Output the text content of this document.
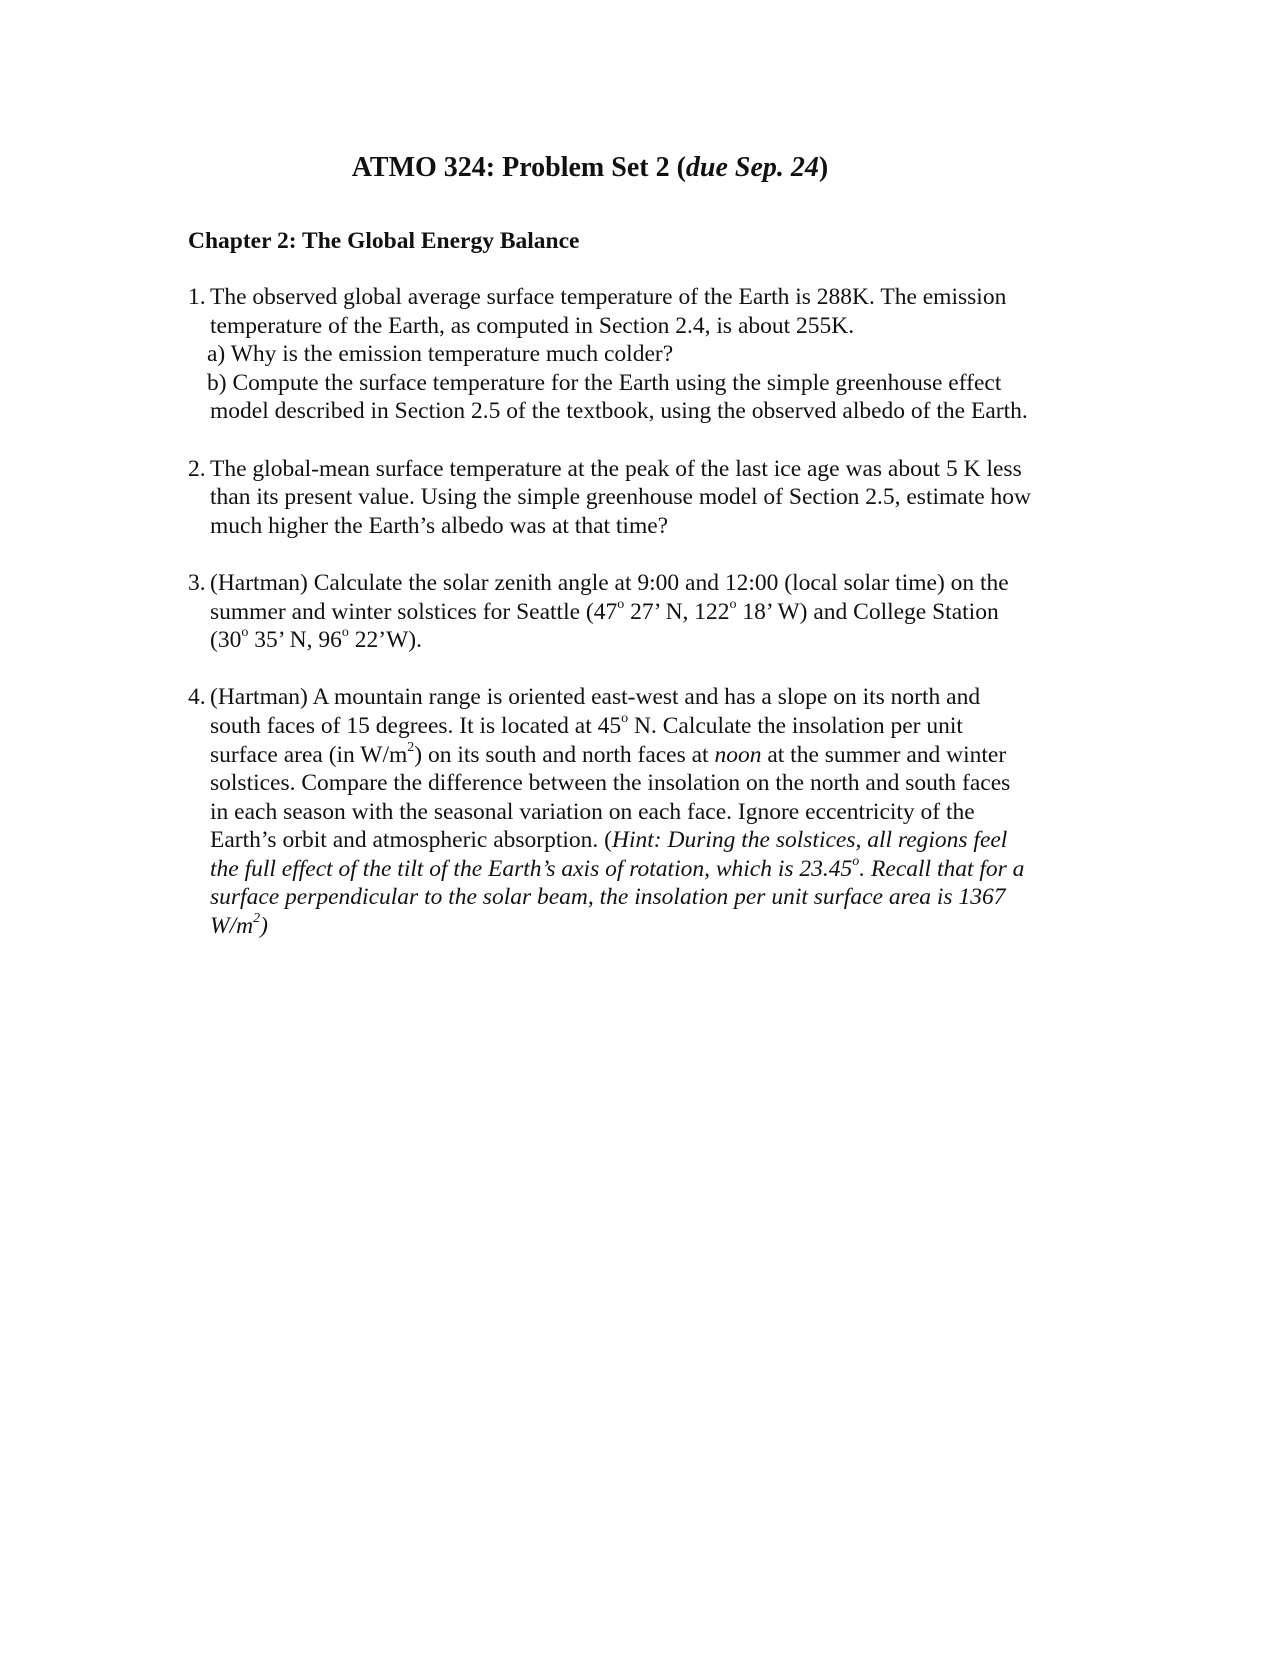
ATMO 324: Problem Set 2 (due Sep. 24)
Chapter 2: The Global Energy Balance
1. The observed global average surface temperature of the Earth is 288K. The emission
temperature of the Earth, as computed in Section 2.4, is about 255K.
a) Why is the emission temperature much colder?
b) Compute the surface temperature for the Earth using the simple greenhouse effect
model described in Section 2.5 of the textbook, using the observed albedo of the Earth.
2. The global-mean surface temperature at the peak of the last ice age was about 5 K less
than its present value. Using the simple greenhouse model of Section 2.5, estimate how
much higher the Earth’s albedo was at that time?
3. (Hartman) Calculate the solar zenith angle at 9:00 and 12:00 (local solar time) on the
summer and winter solstices for Seattle (47$^o$ 27’ N, 122$^o$ 18’ W) and College Station
(30$^o$ 35’ N, 96$^o$ 22’W).
4. (Hartman) A mountain range is oriented east-west and has a slope on its north and
south faces of 15 degrees. It is located at 45$^o$ N. Calculate the insolation per unit
surface area (in $W/m^2$) on its south and north faces at noon at the summer and winter
solstices. Compare the difference between the insolation on the north and south faces
in each season with the seasonal variation on each face. Ignore eccentricity of the
Earth’s orbit and atmospheric absorption. (Hint: During the solstices, all regions feel
the full effect of the tilt of the Earth’s axis of rotation, which is 23.45$^o$. Recall that for a
surface perpendicular to the solar beam, the insolation per unit surface area is 1367
$W/m^2$)
